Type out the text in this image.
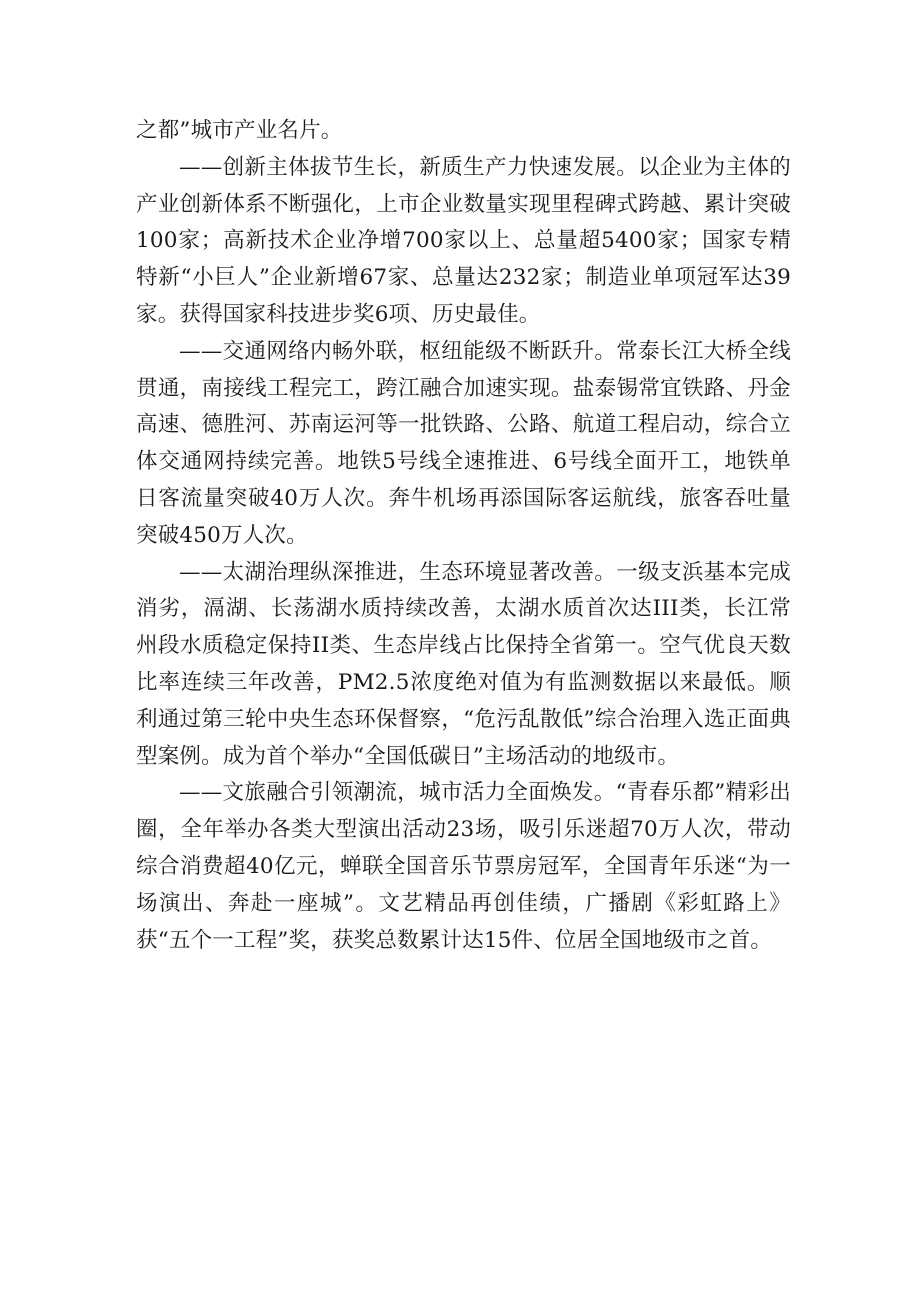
之都”城市产业名片。

——创新主体拔节生长，新质生产力快速发展。以企业为主体的产业创新体系不断强化，上市企业数量实现里程碑式跨越、累计突破100家；高新技术企业净增700家以上、总量超5400家；国家专精特新“小巨人”企业新增67家、总量达232家；制造业单项冠军达39家。获得国家科技进步奖6项、历史最佳。

——交通网络内畅外联，枢纽能级不断跃升。常泰长江大桥全线贯通，南接线工程完工，跨江融合加速实现。盐泰锡常宜铁路、丹金高速、德胜河、苏南运河等一批铁路、公路、航道工程启动，综合立体交通网持续完善。地铁5号线全速推进、6号线全面开工，地铁单日客流量突破40万人次。奔牛机场再添国际客运航线，旅客吞吐量突破450万人次。

——太湖治理纵深推进，生态环境显著改善。一级支浜基本完成消劣，滆湖、长荡湖水质持续改善，太湖水质首次达III类，长江常州段水质稳定保持II类、生态岸线占比保持全省第一。空气优良天数比率连续三年改善，PM2.5浓度绝对值为有监测数据以来最低。顺利通过第三轮中央生态环保督察，“危污乱散低”综合治理入选正面典型案例。成为首个举办“全国低碳日”主场活动的地级市。

——文旅融合引领潮流，城市活力全面焕发。“青春乐都”精彩出圈，全年举办各类大型演出活动23场，吸引乐迷超70万人次，带动综合消费超40亿元，蝉联全国音乐节票房冠军，全国青年乐迷“为一场演出、奔赴一座城”。文艺精品再创佳绩，广播剧《彩虹路上》获“五个一工程”奖，获奖总数累计达15件、位居全国地级市之首。
